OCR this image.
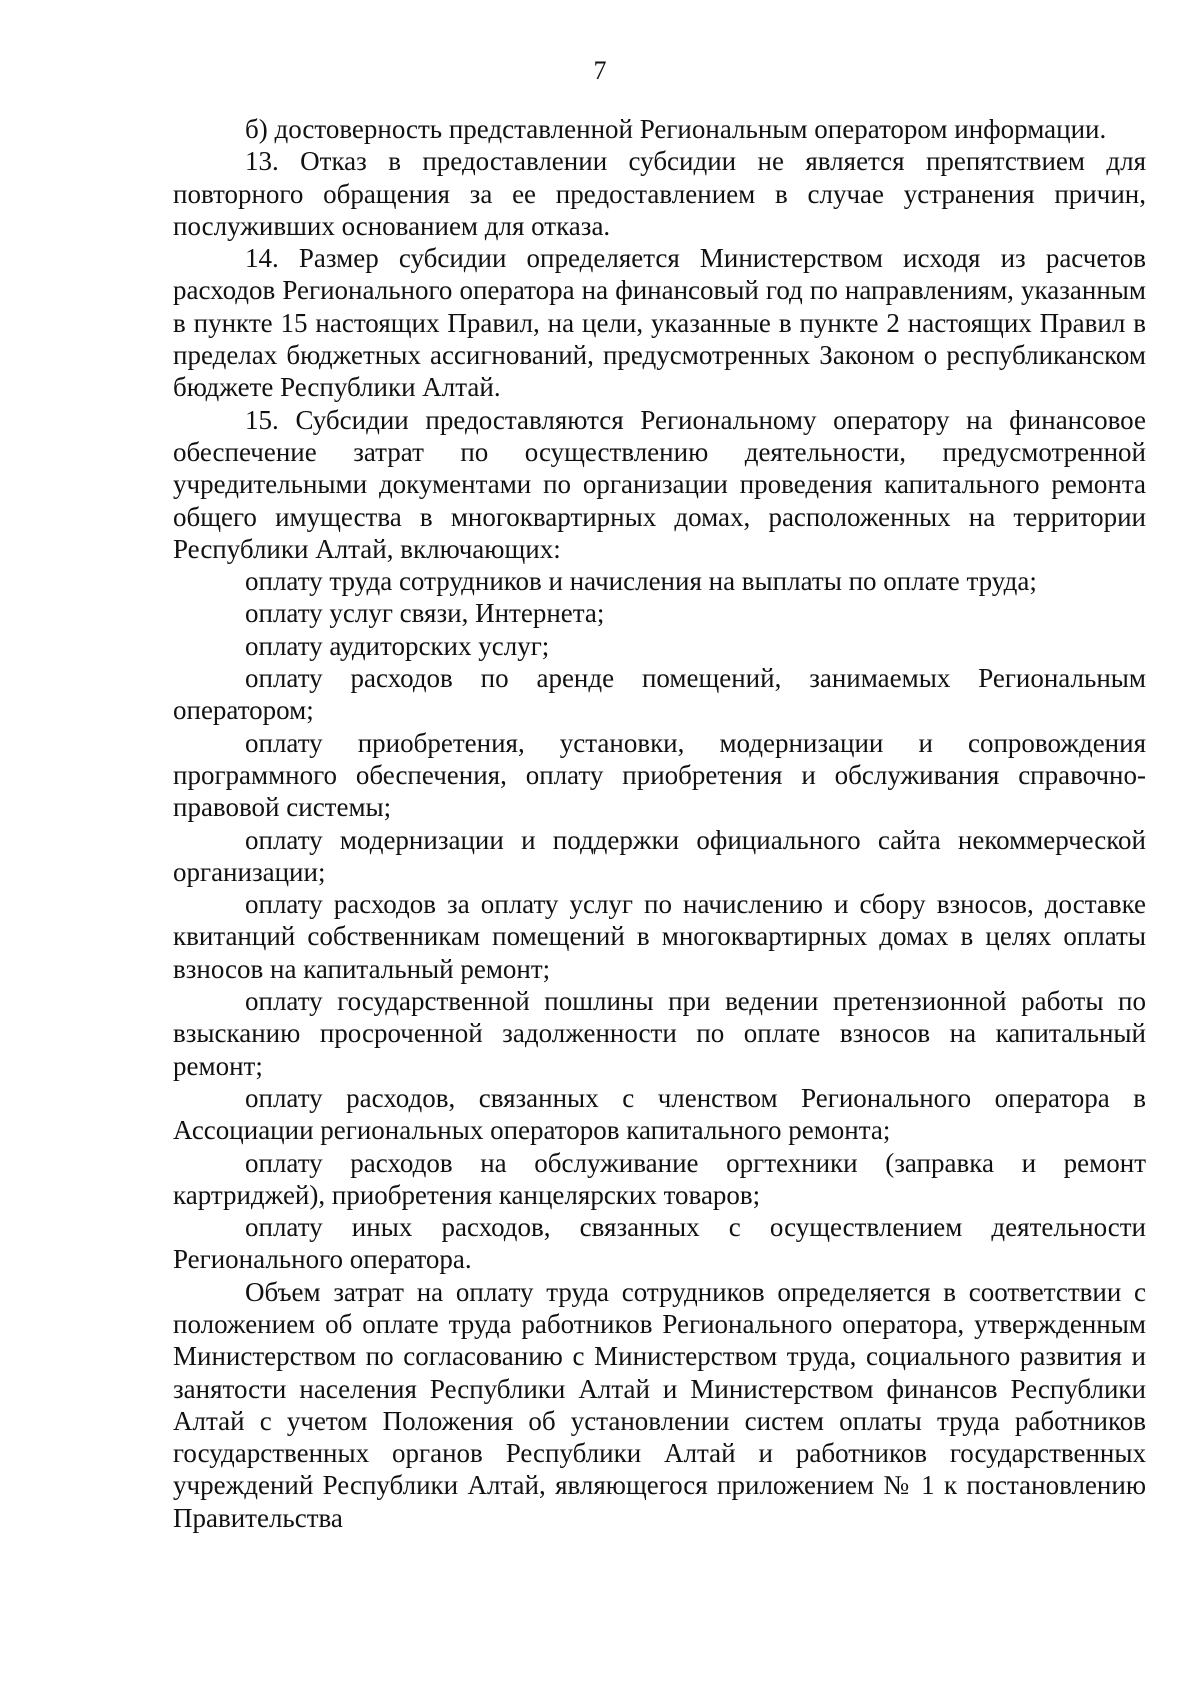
7

б) достоверность представленной Региональным оператором информации.

13. Отказ в предоставлении субсидии не является препятствием для повторного обращения за ее предоставлением в случае устранения причин, послуживших основанием для отказа.

14. Размер субсидии определяется Министерством исходя из расчетов расходов Регионального оператора на финансовый год по направлениям, указанным в пункте 15 настоящих Правил, на цели, указанные в пункте 2 настоящих Правил в пределах бюджетных ассигнований, предусмотренных Законом о республиканском бюджете Республики Алтай.

15. Субсидии предоставляются Региональному оператору на финансовое обеспечение затрат по осуществлению деятельности, предусмотренной учредительными документами по организации проведения капитального ремонта общего имущества в многоквартирных домах, расположенных на территории Республики Алтай, включающих:

оплату труда сотрудников и начисления на выплаты по оплате труда;

оплату услуг связи, Интернета;

оплату аудиторских услуг;

оплату расходов по аренде помещений, занимаемых Региональным оператором;

оплату приобретения, установки, модернизации и сопровождения программного обеспечения, оплату приобретения и обслуживания справочно-правовой системы;

оплату модернизации и поддержки официального сайта некоммерческой организации;

оплату расходов за оплату услуг по начислению и сбору взносов, доставке квитанций собственникам помещений в многоквартирных домах в целях оплаты взносов на капитальный ремонт;

оплату государственной пошлины при ведении претензионной работы по взысканию просроченной задолженности по оплате взносов на капитальный ремонт;

оплату расходов, связанных с членством Регионального оператора в Ассоциации региональных операторов капитального ремонта;

оплату расходов на обслуживание оргтехники (заправка и ремонт картриджей), приобретения канцелярских товаров;

оплату иных расходов, связанных с осуществлением деятельности Регионального оператора.

Объем затрат на оплату труда сотрудников определяется в соответствии с положением об оплате труда работников Регионального оператора, утвержденным Министерством по согласованию с Министерством труда, социального развития и занятости населения Республики Алтай и Министерством финансов Республики Алтай с учетом Положения об установлении систем оплаты труда работников государственных органов Республики Алтай и работников государственных учреждений Республики Алтай, являющегося приложением № 1 к постановлению Правительства
